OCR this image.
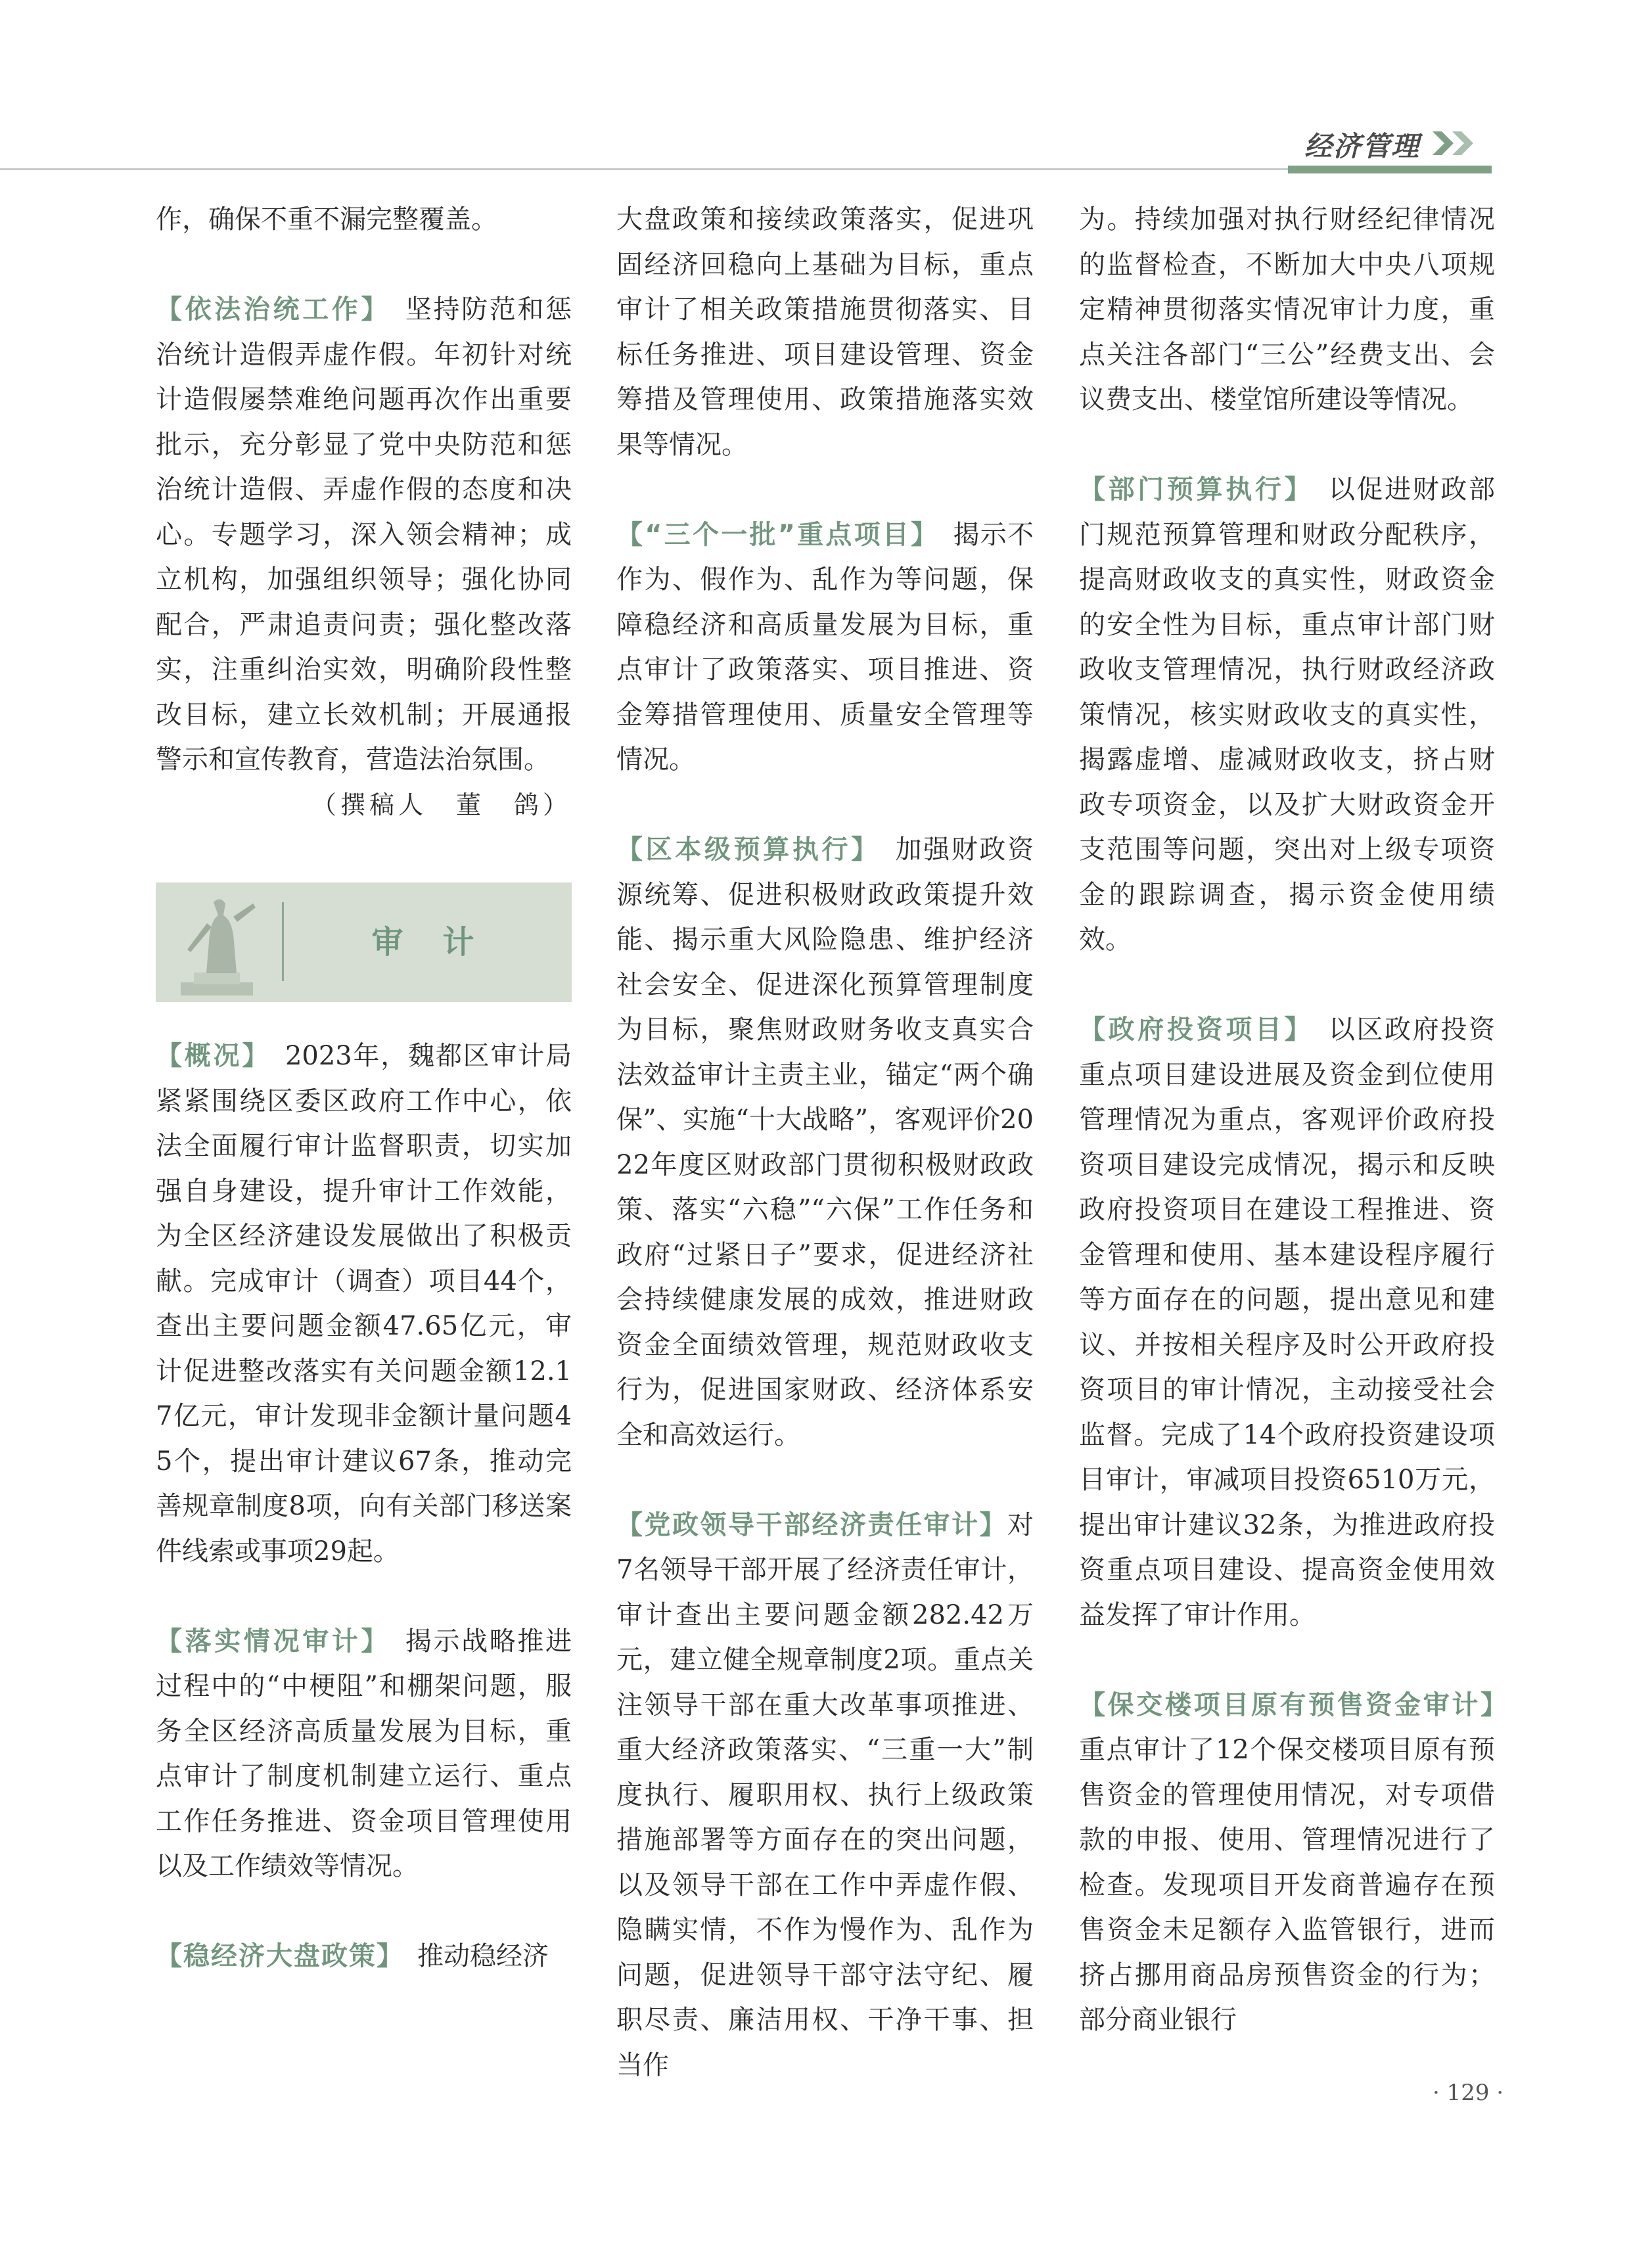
经济管理

作，确保不重不漏完整覆盖。

【依法治统工作】　 坚持防范和惩治统计造假弄虚作假。年初针对统计造假屡禁难绝问题再次作出重要批示，充分彰显了党中央防范和惩治统计造假、弄虚作假的态度和决心。专题学习，深入领会精神；成立机构，加强组织领导；强化协同配合，严肃追责问责；强化整改落实，注重纠治实效，明确阶段性整改目标，建立长效机制；开展通报警示和宣传教育，营造法治氛围。

（撰稿人　董　鸽）

审计

【概况】　 2023年，魏都区审计局紧紧围绕区委区政府工作中心，依法全面履行审计监督职责，切实加强自身建设，提升审计工作效能，为全区经济建设发展做出了积极贡献。完成审计（调查）项目44个，查出主要问题金额47.65亿元，审计促进整改落实有关问题金额12.17亿元，审计发现非金额计量问题45个，提出审计建议67条，推动完善规章制度8项，向有关部门移送案件线索或事项29起。

【落实情况审计】　 揭示战略推进过程中的“中梗阻”和棚架问题，服务全区经济高质量发展为目标，重点审计了制度机制建立运行、重点工作任务推进、资金项目管理使用以及工作绩效等情况。

【稳经济大盘政策】　 推动稳经济

大盘政策和接续政策落实，促进巩固经济回稳向上基础为目标，重点审计了相关政策措施贯彻落实、目标任务推进、项目建设管理、资金筹措及管理使用、政策措施落实效果等情况。

【“三个一批”重点项目】　 揭示不作为、假作为、乱作为等问题，保障稳经济和高质量发展为目标，重点审计了政策落实、项目推进、资金筹措管理使用、质量安全管理等情况。

【区本级预算执行】　 加强财政资源统筹、促进积极财政政策提升效能、揭示重大风险隐患、维护经济社会安全、促进深化预算管理制度为目标，聚焦财政财务收支真实合法效益审计主责主业，锚定“两个确保”、实施“十大战略”，客观评价2022年度区财政部门贯彻积极财政政策、落实“六稳”“六保”工作任务和政府“过紧日子”要求，促进经济社会持续健康发展的成效，推进财政资金全面绩效管理，规范财政收支行为，促进国家财政、经济体系安全和高效运行。

【党政领导干部经济责任审计】对7名领导干部开展了经济责任审计，审计查出主要问题金额282.42万元，建立健全规章制度2项。重点关注领导干部在重大改革事项推进、重大经济政策落实、“三重一大”制度执行、履职用权、执行上级政策措施部署等方面存在的突出问题，以及领导干部在工作中弄虚作假、隐瞒实情，不作为慢作为、乱作为问题，促进领导干部守法守纪、履职尽责、廉洁用权、干净干事、担当作

为。持续加强对执行财经纪律情况的监督检查，不断加大中央八项规定精神贯彻落实情况审计力度，重点关注各部门“三公”经费支出、会议费支出、楼堂馆所建设等情况。

【部门预算执行】　 以促进财政部门规范预算管理和财政分配秩序，提高财政收支的真实性，财政资金的安全性为目标，重点审计部门财政收支管理情况，执行财政经济政策情况，核实财政收支的真实性，揭露虚增、虚减财政收支，挤占财政专项资金，以及扩大财政资金开支范围等问题，突出对上级专项资金的跟踪调查，揭示资金使用绩效。

【政府投资项目】　 以区政府投资重点项目建设进展及资金到位使用管理情况为重点，客观评价政府投资项目建设完成情况，揭示和反映政府投资项目在建设工程推进、资金管理和使用、基本建设程序履行等方面存在的问题，提出意见和建议、并按相关程序及时公开政府投资项目的审计情况，主动接受社会监督。完成了14个政府投资建设项目审计，审减项目投资6510万元，提出审计建议32条，为推进政府投资重点项目建设、提高资金使用效益发挥了审计作用。

【保交楼项目原有预售资金审计】　重点审计了12个保交楼项目原有预售资金的管理使用情况，对专项借款的申报、使用、管理情况进行了检查。发现项目开发商普遍存在预售资金未足额存入监管银行，进而挤占挪用商品房预售资金的行为；部分商业银行

· 129 ·
